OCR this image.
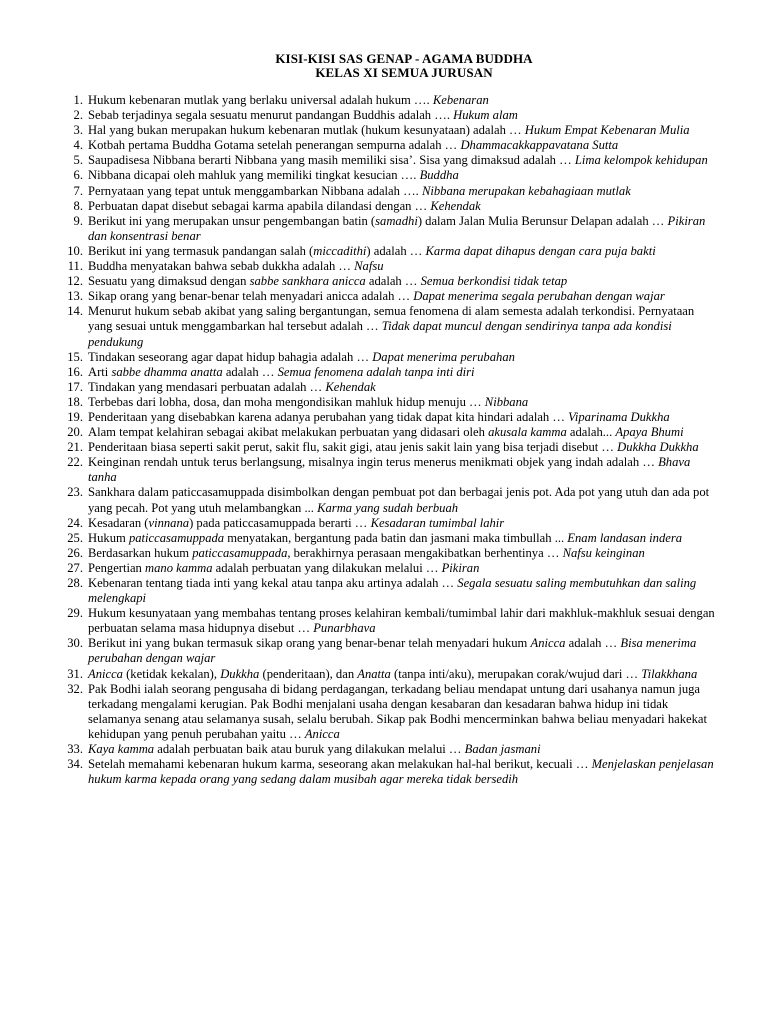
KISI-KISI SAS GENAP - AGAMA BUDDHA
KELAS XI SEMUA JURUSAN
1. Hukum kebenaran mutlak yang berlaku universal adalah hukum …. Kebenaran
2. Sebab terjadinya segala sesuatu menurut pandangan Buddhis adalah …. Hukum alam
3. Hal yang bukan merupakan hukum kebenaran mutlak (hukum kesunyataan) adalah … Hukum Empat Kebenaran Mulia
4. Kotbah pertama Buddha Gotama setelah penerangan sempurna adalah … Dhammacakkappavatana Sutta
5. Saupadisesa Nibbana berarti Nibbana yang masih memiliki sisa’. Sisa yang dimaksud adalah … Lima kelompok kehidupan
6. Nibbana dicapai oleh mahluk yang memiliki tingkat kesucian …. Buddha
7. Pernyataan yang tepat untuk menggambarkan Nibbana adalah …. Nibbana merupakan kebahagiaan mutlak
8. Perbuatan dapat disebut sebagai karma apabila dilandasi dengan … Kehendak
9. Berikut ini yang merupakan unsur pengembangan batin (samadhi) dalam Jalan Mulia Berunsur Delapan adalah … Pikiran dan konsentrasi benar
10. Berikut ini yang termasuk pandangan salah (miccadithi) adalah … Karma dapat dihapus dengan cara puja bakti
11. Buddha menyatakan bahwa sebab dukkha adalah … Nafsu
12. Sesuatu yang dimaksud dengan sabbe sankhara anicca adalah … Semua berkondisi tidak tetap
13. Sikap orang yang benar-benar telah menyadari anicca adalah … Dapat menerima segala perubahan dengan wajar
14. Menurut hukum sebab akibat yang saling bergantungan, semua fenomena di alam semesta adalah terkondisi. Pernyataan yang sesuai untuk menggambarkan hal tersebut adalah … Tidak dapat muncul dengan sendirinya tanpa ada kondisi pendukung
15. Tindakan seseorang agar dapat hidup bahagia adalah … Dapat menerima perubahan
16. Arti sabbe dhamma anatta adalah … Semua fenomena adalah tanpa inti diri
17. Tindakan yang mendasari perbuatan adalah … Kehendak
18. Terbebas dari lobha, dosa, dan moha mengondisikan mahluk hidup menuju … Nibbana
19. Penderitaan yang disebabkan karena adanya perubahan yang tidak dapat kita hindari adalah … Viparinama Dukkha
20. Alam tempat kelahiran sebagai akibat melakukan perbuatan yang didasari oleh akusala kamma adalah... Apaya Bhumi
21. Penderitaan biasa seperti sakit perut, sakit flu, sakit gigi, atau jenis sakit lain yang bisa terjadi disebut … Dukkha Dukkha
22. Keinginan rendah untuk terus berlangsung, misalnya ingin terus menerus menikmati objek yang indah adalah … Bhava tanha
23. Sankhara dalam paticcasamuppada disimbolkan dengan pembuat pot dan berbagai jenis pot. Ada pot yang utuh dan ada pot yang pecah. Pot yang utuh melambangkan ... Karma yang sudah berbuah
24. Kesadaran (vinnana) pada paticcasamuppada berarti … Kesadaran tumimbal lahir
25. Hukum paticcasamuppada menyatakan, bergantung pada batin dan jasmani maka timbullah ... Enam landasan indera
26. Berdasarkan hukum paticcasamuppada, berakhirnya perasaan mengakibatkan berhentinya … Nafsu keinginan
27. Pengertian mano kamma adalah perbuatan yang dilakukan melalui … Pikiran
28. Kebenaran tentang tiada inti yang kekal atau tanpa aku artinya adalah … Segala sesuatu saling membutuhkan dan saling melengkapi
29. Hukum kesunyataan yang membahas tentang proses kelahiran kembali/tumimbal lahir dari makhluk-makhluk sesuai dengan perbuatan selama masa hidupnya disebut … Punarbhava
30. Berikut ini yang bukan termasuk sikap orang yang benar-benar telah menyadari hukum Anicca adalah … Bisa menerima perubahan dengan wajar
31. Anicca (ketidak kekalan), Dukkha (penderitaan), dan Anatta (tanpa inti/aku), merupakan corak/wujud dari … Tilakkhana
32. Pak Bodhi ialah seorang pengusaha di bidang perdagangan, terkadang beliau mendapat untung dari usahanya namun juga terkadang mengalami kerugian. Pak Bodhi menjalani usaha dengan kesabaran dan kesadaran bahwa hidup ini tidak selamanya senang atau selamanya susah, selalu berubah. Sikap pak Bodhi mencerminkan bahwa beliau menyadari hakekat kehidupan yang penuh perubahan yaitu … Anicca
33. Kaya kamma adalah perbuatan baik atau buruk yang dilakukan melalui … Badan jasmani
34. Setelah memahami kebenaran hukum karma, seseorang akan melakukan hal-hal berikut, kecuali … Menjelaskan penjelasan hukum karma kepada orang yang sedang dalam musibah agar mereka tidak bersedih
